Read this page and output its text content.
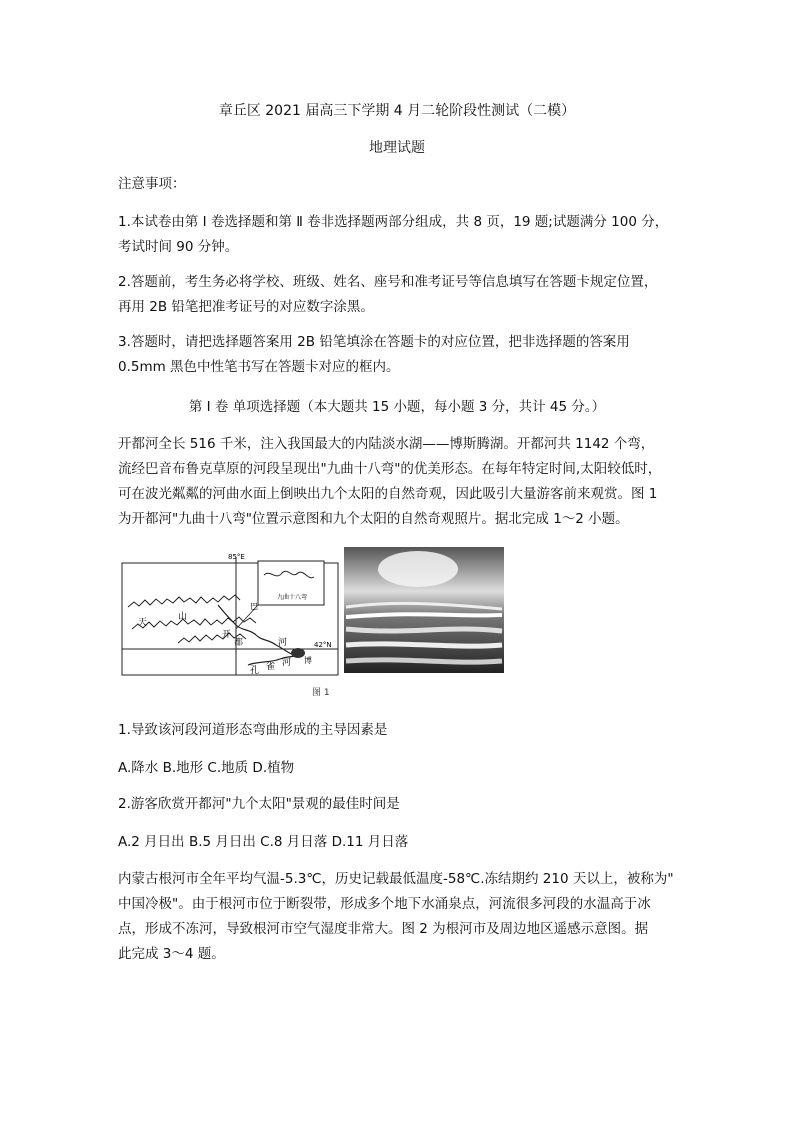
章丘区 2021 届高三下学期 4 月二轮阶段性测试（二模）
地理试题
注意事项：
1.本试卷由第 Ⅰ 卷选择题和第 Ⅱ 卷非选择题两部分组成，共 8 页，19 题;试题满分 100 分，
考试时间 90 分钟。
2.答题前，考生务必将学校、班级、姓名、座号和准考证号等信息填写在答题卡规定位置，
再用 2B 铅笔把准考证号的对应数字涂黑。
3.答题时，请把选择题答案用 2B 铅笔填涂在答题卡的对应位置，把非选择题的答案用
0.5mm 黑色中性笔书写在答题卡对应的框内。
第 Ⅰ 卷 单项选择题（本大题共 15 小题，每小题 3 分，共计 45 分。）
开都河全长 516 千米，注入我国最大的内陆淡水湖——博斯腾湖。开都河共 1142 个弯，
流经巴音布鲁克草原的河段呈现出"九曲十八弯"的优美形态。在每年特定时间,太阳较低时，
可在波光粼粼的河曲水面上倒映出九个太阳的自然奇观，因此吸引大量游客前来观赏。图 1
为开都河"九曲十八弯"位置示意图和九个太阳的自然奇观照片。据北完成 1～2 小题。
九曲十八弯
85°E
42°N
天
山
开
都	河
孔 雀 河
巴
博
图 1
1.导致该河段河道形态弯曲形成的主导因素是
A.降水 B.地形 C.地质 D.植物
2.游客欣赏开都河"九个太阳"景观的最佳时间是
A.2 月日出 B.5 月日出 C.8 月日落 D.11 月日落
内蒙古根河市全年平均气温-5.3℃，历史记载最低温度-58℃.冻结期约 210 天以上，被称为"
中国冷极"。由于根河市位于断裂带，形成多个地下水涌泉点，河流很多河段的水温高于冰
点，形成不冻河，导致根河市空气湿度非常大。图 2 为根河市及周边地区遥感示意图。据
此完成 3～4 题。
